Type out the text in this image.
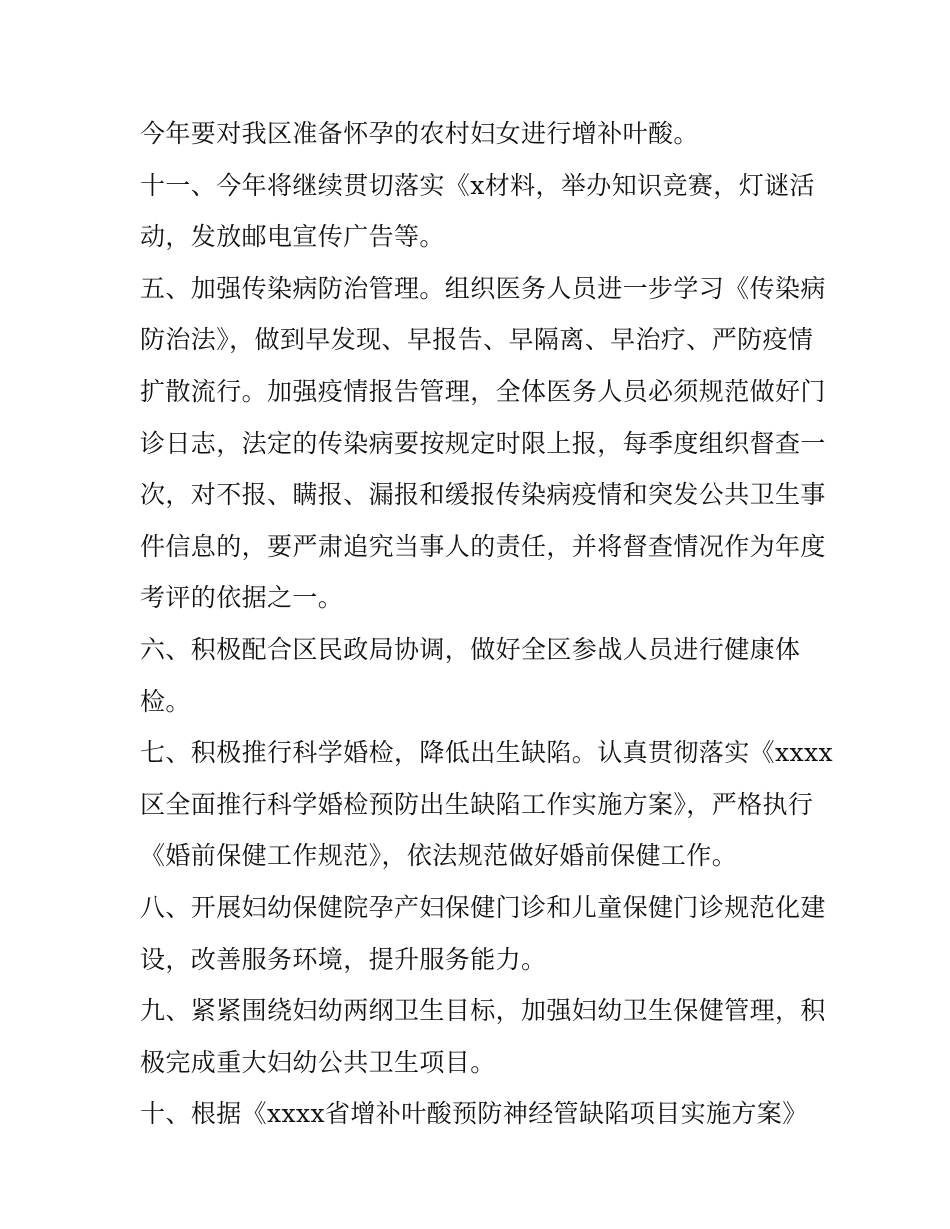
今年要对我区准备怀孕的农村妇女进行增补叶酸。
十一、今年将继续贯切落实《x材料，举办知识竞赛，灯谜活
动，发放邮电宣传广告等。
五、加强传染病防治管理。组织医务人员进一步学习《传染病
防治法》，做到早发现、早报告、早隔离、早治疗、严防疫情
扩散流行。加强疫情报告管理，全体医务人员必须规范做好门
诊日志，法定的传染病要按规定时限上报，每季度组织督查一
次，对不报、瞒报、漏报和缓报传染病疫情和突发公共卫生事
件信息的，要严肃追究当事人的责任，并将督查情况作为年度
考评的依据之一。
六、积极配合区民政局协调，做好全区参战人员进行健康体
检。
七、积极推行科学婚检，降低出生缺陷。认真贯彻落实《xxxx
区全面推行科学婚检预防出生缺陷工作实施方案》，严格执行
《婚前保健工作规范》，依法规范做好婚前保健工作。
八、开展妇幼保健院孕产妇保健门诊和儿童保健门诊规范化建
设，改善服务环境，提升服务能力。
九、紧紧围绕妇幼两纲卫生目标，加强妇幼卫生保健管理，积
极完成重大妇幼公共卫生项目。
十、根据《xxxx省增补叶酸预防神经管缺陷项目实施方案》
